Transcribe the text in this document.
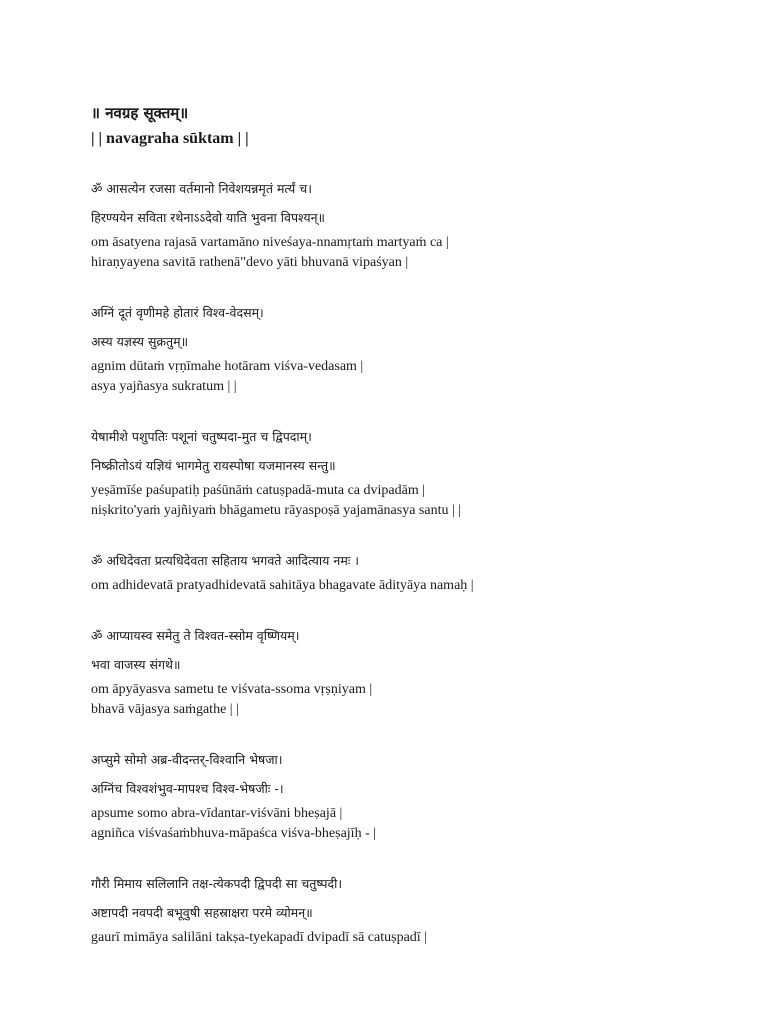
॥ नवग्रह सूक्तम्॥

| | navagraha sūktam | |

ॐ आसत्येन रजसा वर्तमानो निवेशयन्नमृतं मर्त्यं च।

हिरण्ययेन सविता रथेनाऽऽदेवो याति भुवना विपश्यन्॥

om āsatyena rajasā vartamāno niveśaya-nnamṛtaṁ martyaṁ ca |

hiraṇyayena savitā rathenā"devo yāti bhuvanā vipaśyan |

अग्निं दूतं वृणीमहे होतारं विश्व-वेदसम्।

अस्य यज्ञस्य सुक्रतुम्॥

agnim dūtaṁ vṛṇīmahe hotāram viśva-vedasam |

asya yajñasya sukratum | |

येषामीशे पशुपतिः पशूनां चतुष्पदा-मुत च द्विपदाम्।

निष्क्रीतोऽयं यज्ञियं भागमेतु रायस्पोषा यजमानस्य सन्तु॥

yeṣāmīśe paśupatiḥ paśūnāṁ catuṣpadā-muta ca dvipadām |

niṣkrito'yaṁ yajñiyaṁ bhāgametu rāyaspoṣā yajamānasya santu | |

ॐ अधिदेवता प्रत्यधिदेवता सहिताय भगवते आदित्याय नमः ।

om adhidevatā pratyadhidevatā sahitāya bhagavate ādityāya namaḥ |

ॐ आप्यायस्व समेतु ते विश्वत-स्सोम वृष्णियम्।

भवा वाजस्य संगथे॥

om āpyāyasva sametu te viśvata-ssoma vṛṣṇiyam |

bhavā vājasya saṁgathe | |

अप्सुमे सोमो अब्र-वीदन्तर्-विश्वानि भेषजा।

अग्निंच विश्वशंभुव-मापश्च विश्व-भेषजीः -।

apsume somo abra-vīdantar-viśvāni bheṣajā |

agniñca viśvaśaṁbhuva-māpaśca viśva-bheṣajīḥ - |

गौरी मिमाय सलिलानि तक्ष-त्येकपदी द्विपदी सा चतुष्पदी।

अष्टापदी नवपदी बभूवुषी सहस्राक्षरा परमे व्योमन्॥

gaurī mimāya salilāni takṣa-tyekapadī dvipadī sā catuṣpadī |
